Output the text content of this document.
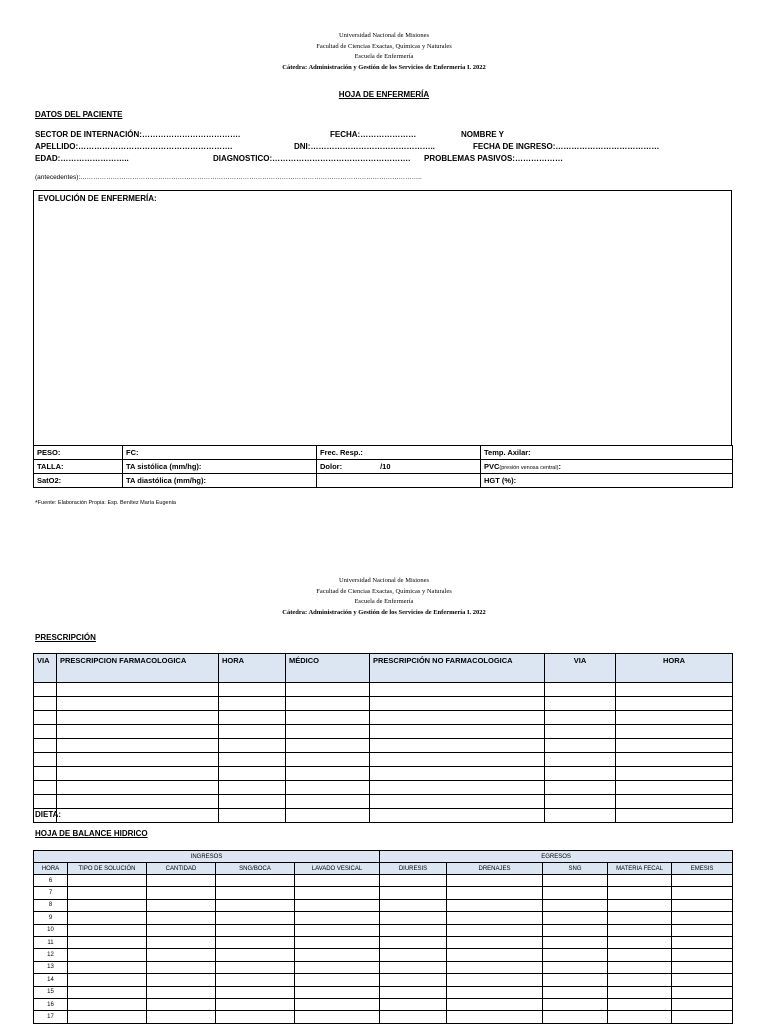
Universidad Nacional de Misiones
Facultad de Ciencias Exactas, Químicas y Naturales
Escuela de Enfermería
Cátedra: Administración y Gestión de los Servicios de Enfermería I. 2022
HOJA DE ENFERMERÍA
DATOS DEL PACIENTE
SECTOR DE INTERNACIÓN:……………………………….	FECHA:…………………	NOMBRE Y
APELLIDO:………………………………………………….	DNI:………………………………………..	FECHA DE INGRESO:…………………………………
EDAD:……………………..	DIAGNOSTICO:……………………………………………. PROBLEMAS PASIVOS:………………
(antecedentes):…………………………………………………………………………………………………………………………………………..
EVOLUCIÓN DE ENFERMERÍA:
PESO:	FC:	Frec. Resp.:	Temp. Axilar:
TALLA:	TA sistólica (mm/hg):	Dolor: /10	PVC(presión venosa central):
SatO2:	TA diastólica (mm/hg):		HGT (%):
*Fuente: Elaboración Propia: Esp. Benítez María Eugenia
Universidad Nacional de Misiones
Facultad de Ciencias Exactas, Químicas y Naturales
Escuela de Enfermería
Cátedra: Administración y Gestión de los Servicios de Enfermería I. 2022
PRESCRIPCIÓN
VIA	PRESCRIPCION FARMACOLOGICA	HORA	MÉDICO	PRESCRIPCIÓN NO FARMACOLOGICA	VIA	HORA

DIETA:
HOJA DE BALANCE HIDRICO
INGRESOS					EGRESOS				
HORA	TIPO DE SOLUCIÓN	CANTIDAD	SNG/BOCA	LAVADO VESICAL	DIURESIS	DRENAJES	SNG	MATERIA FECAL	EMESIS
6									
7									
8									
9									
10									
11									
12									
13									
14									
15									
16									
17									
